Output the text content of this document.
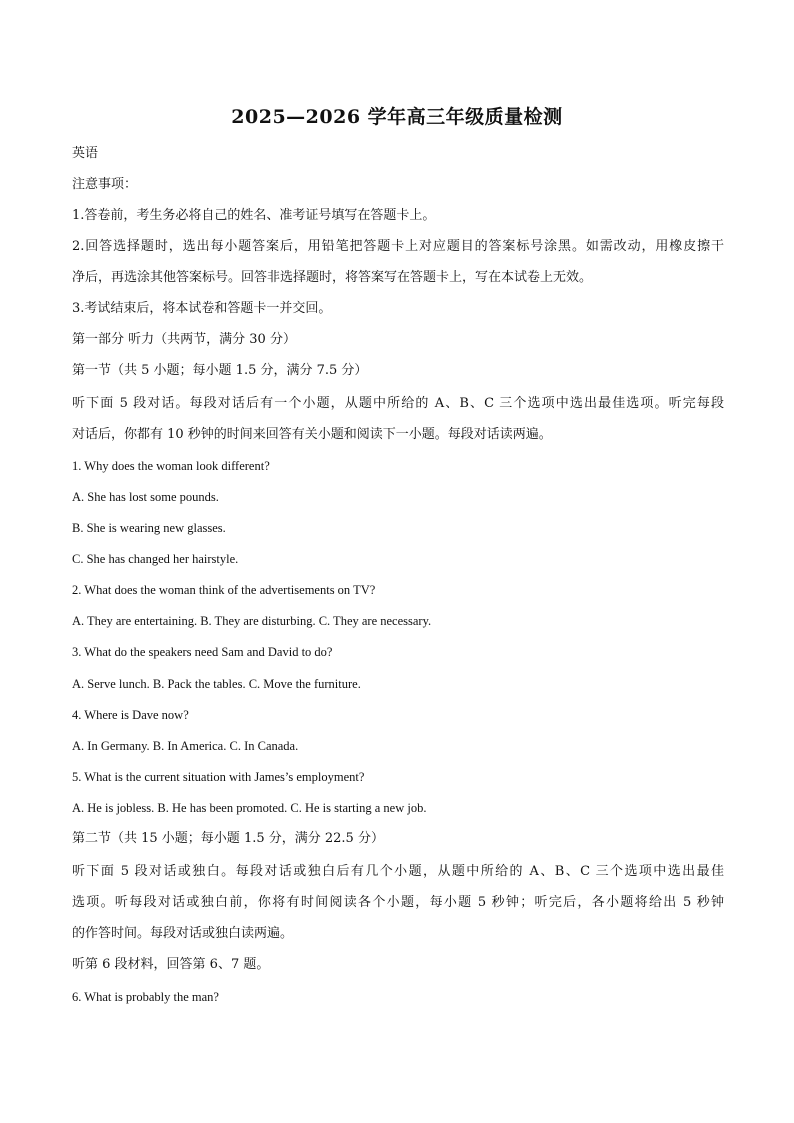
2025—2026 学年高三年级质量检测
英语
注意事项：
1.答卷前，考生务必将自己的姓名、准考证号填写在答题卡上。
2.回答选择题时，选出每小题答案后，用铅笔把答题卡上对应题目的答案标号涂黑。如需改动，用橡皮擦干
净后，再选涂其他答案标号。回答非选择题时，将答案写在答题卡上，写在本试卷上无效。
3.考试结束后，将本试卷和答题卡一并交回。
第一部分 听力（共两节，满分 30 分）
第一节（共 5 小题；每小题 1.5 分，满分 7.5 分）
听下面 5 段对话。每段对话后有一个小题，从题中所给的 A、B、C 三个选项中选出最佳选项。听完每段
对话后，你都有 10 秒钟的时间来回答有关小题和阅读下一小题。每段对话读两遍。
1. Why does the woman look different?
A. She has lost some pounds.
B. She is wearing new glasses.
C. She has changed her hairstyle.
2. What does the woman think of the advertisements on TV?
A. They are entertaining. B. They are disturbing. C. They are necessary.
3. What do the speakers need Sam and David to do?
A. Serve lunch. B. Pack the tables. C. Move the furniture.
4. Where is Dave now?
A. In Germany. B. In America. C. In Canada.
5. What is the current situation with James’s employment?
A. He is jobless. B. He has been promoted. C. He is starting a new job.
第二节（共 15 小题；每小题 1.5 分，满分 22.5 分）
听下面 5 段对话或独白。每段对话或独白后有几个小题，从题中所给的 A、B、C 三个选项中选出最佳
选项。听每段对话或独白前，你将有时间阅读各个小题，每小题 5 秒钟；听完后，各小题将给出 5 秒钟
的作答时间。每段对话或独白读两遍。
听第 6 段材料，回答第 6、7 题。
6. What is probably the man?
